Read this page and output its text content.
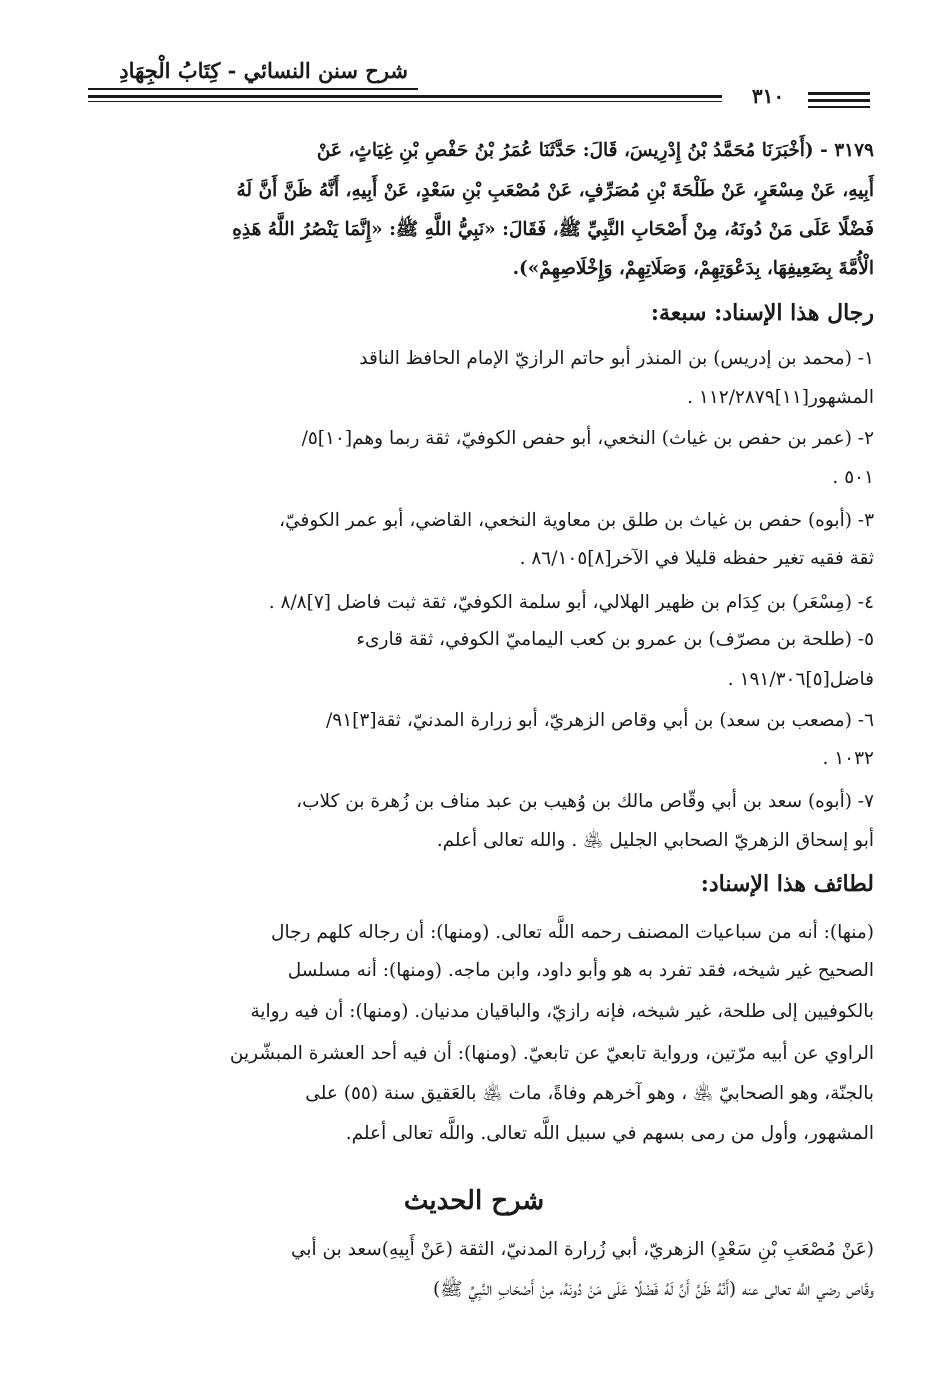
شرح سنن النسائي - كِتَابُ الْجِهَادِ
٣١٠
٣١٧٩ - (أَخْبَرَنَا مُحَمَّدُ بْنُ إِدْرِيسَ، قَالَ: حَدَّثَنَا عُمَرُ بْنُ حَفْصِ بْنِ غِيَاثٍ، عَنْ
أَبِيهِ، عَنْ مِسْعَرٍ، عَنْ طَلْحَةَ بْنِ مُصَرِّفٍ، عَنْ مُصْعَبِ بْنِ سَعْدٍ، عَنْ أَبِيهِ، أَنَّهُ ظَنَّ أَنَّ لَهُ
فَضْلًا عَلَى مَنْ دُونَهُ، مِنْ أَصْحَابِ النَّبِيِّ ﷺ، فَقَالَ: «نَبِيُّ اللَّهِ ﷺ: «إِنَّمَا يَنْصُرُ اللَّهُ هَذِهِ
الْأُمَّةَ بِضَعِيفِهَا، بِدَعْوَتِهِمْ، وَصَلَاتِهِمْ، وَإِخْلَاصِهِمْ»).
رجال هذا الإسناد: سبعة:
١- (محمد بن إدريس) بن المنذر أبو حاتم الرازيّ الإمام الحافظ الناقد
المشهور[١١]١١٢/٢٨٧٩ .
٢- (عمر بن حفص بن غياث) النخعي، أبو حفص الكوفيّ، ثقة ربما وهم[١٠]٥/
٥٠١ .
٣- (أبوه) حفص بن غياث بن طلق بن معاوية النخعي، القاضي، أبو عمر الكوفيّ،
ثقة فقيه تغير حفظه قليلا في الآخر[٨]٨٦/١٠٥ .
٤- (مِسْعَر) بن كِدَام بن ظهير الهلالي، أبو سلمة الكوفيّ، ثقة ثبت فاضل [٧]٨/٨ .
٥- (طلحة بن مصرّف) بن عمرو بن كعب اليماميّ الكوفي، ثقة قارىء
فاضل[٥]١٩١/٣٠٦ .
٦- (مصعب بن سعد) بن أبي وقاص الزهريّ، أبو زرارة المدنيّ، ثقة[٣]٩١/
١٠٣٢ .
٧- (أبوه) سعد بن أبي وقّاص مالك بن وُهيب بن عبد مناف بن زُهرة بن كلاب،
أبو إسحاق الزهريّ الصحابي الجليل ﵁ . والله تعالى أعلم.
لطائف هذا الإسناد:
(منها): أنه من سباعيات المصنف رحمه اللَّه تعالى. (ومنها): أن رجاله كلهم رجال
الصحيح غير شيخه، فقد تفرد به هو وأبو داود، وابن ماجه. (ومنها): أنه مسلسل
بالكوفيين إلى طلحة، غير شيخه، فإنه رازيّ، والباقيان مدنيان. (ومنها): أن فيه رواية
الراوي عن أبيه مرّتين، ورواية تابعيّ عن تابعيّ. (ومنها): أن فيه أحد العشرة المبشّرين
بالجنّة، وهو الصحابيّ ﵁ ، وهو آخرهم وفاةً، مات ﵁ بالعَقيق سنة (٥٥) على
المشهور، وأول من رمى بسهم في سبيل اللَّه تعالى. واللَّه تعالى أعلم.
شرح الحديث
(عَنْ مُصْعَبِ بْنِ سَعْدٍ) الزهريّ، أبي زُرارة المدنيّ، الثقة (عَنْ أَبِيهِ)سعد بن أبي
وقّاص رضي اللَّه تعالى عنه (أَنَّهُ ظَنَّ أَنَّ لَهُ فَضْلًا عَلَى مَنْ دُونَهُ، مِنْ أَصْحَابِ النَّبِيِّ ﷺ)
